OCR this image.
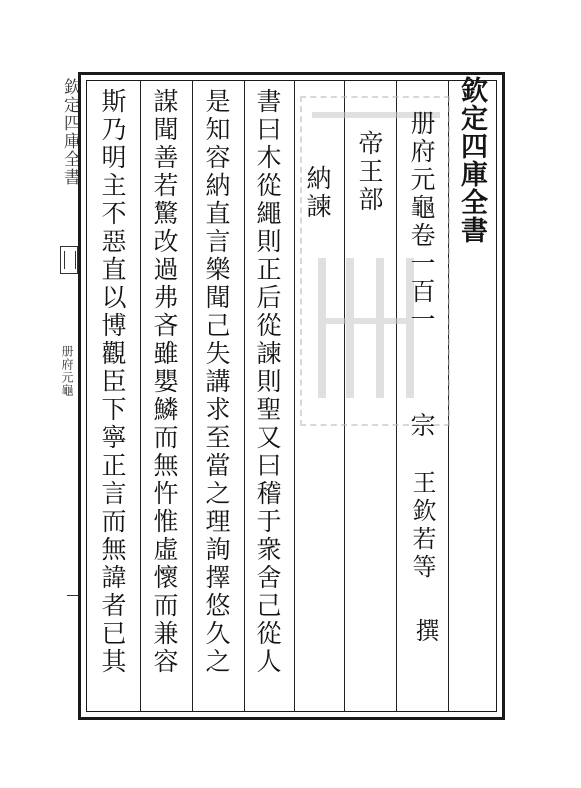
欽定四庫全書
册府元龜
欽定四庫全書
册府元龜卷一百一
宗
帝王部
納諫
王欽若等
撰
書曰木從繩則正后從諫則聖又曰稽于衆舍己從人
是知容納直言樂聞己失講求至當之理詢擇悠久之
謀聞善若驚改過弗吝雖嬰鱗而無忤惟虛懷而兼容
斯乃明主不惡直以博觀臣下寧正言而無諱者已其
